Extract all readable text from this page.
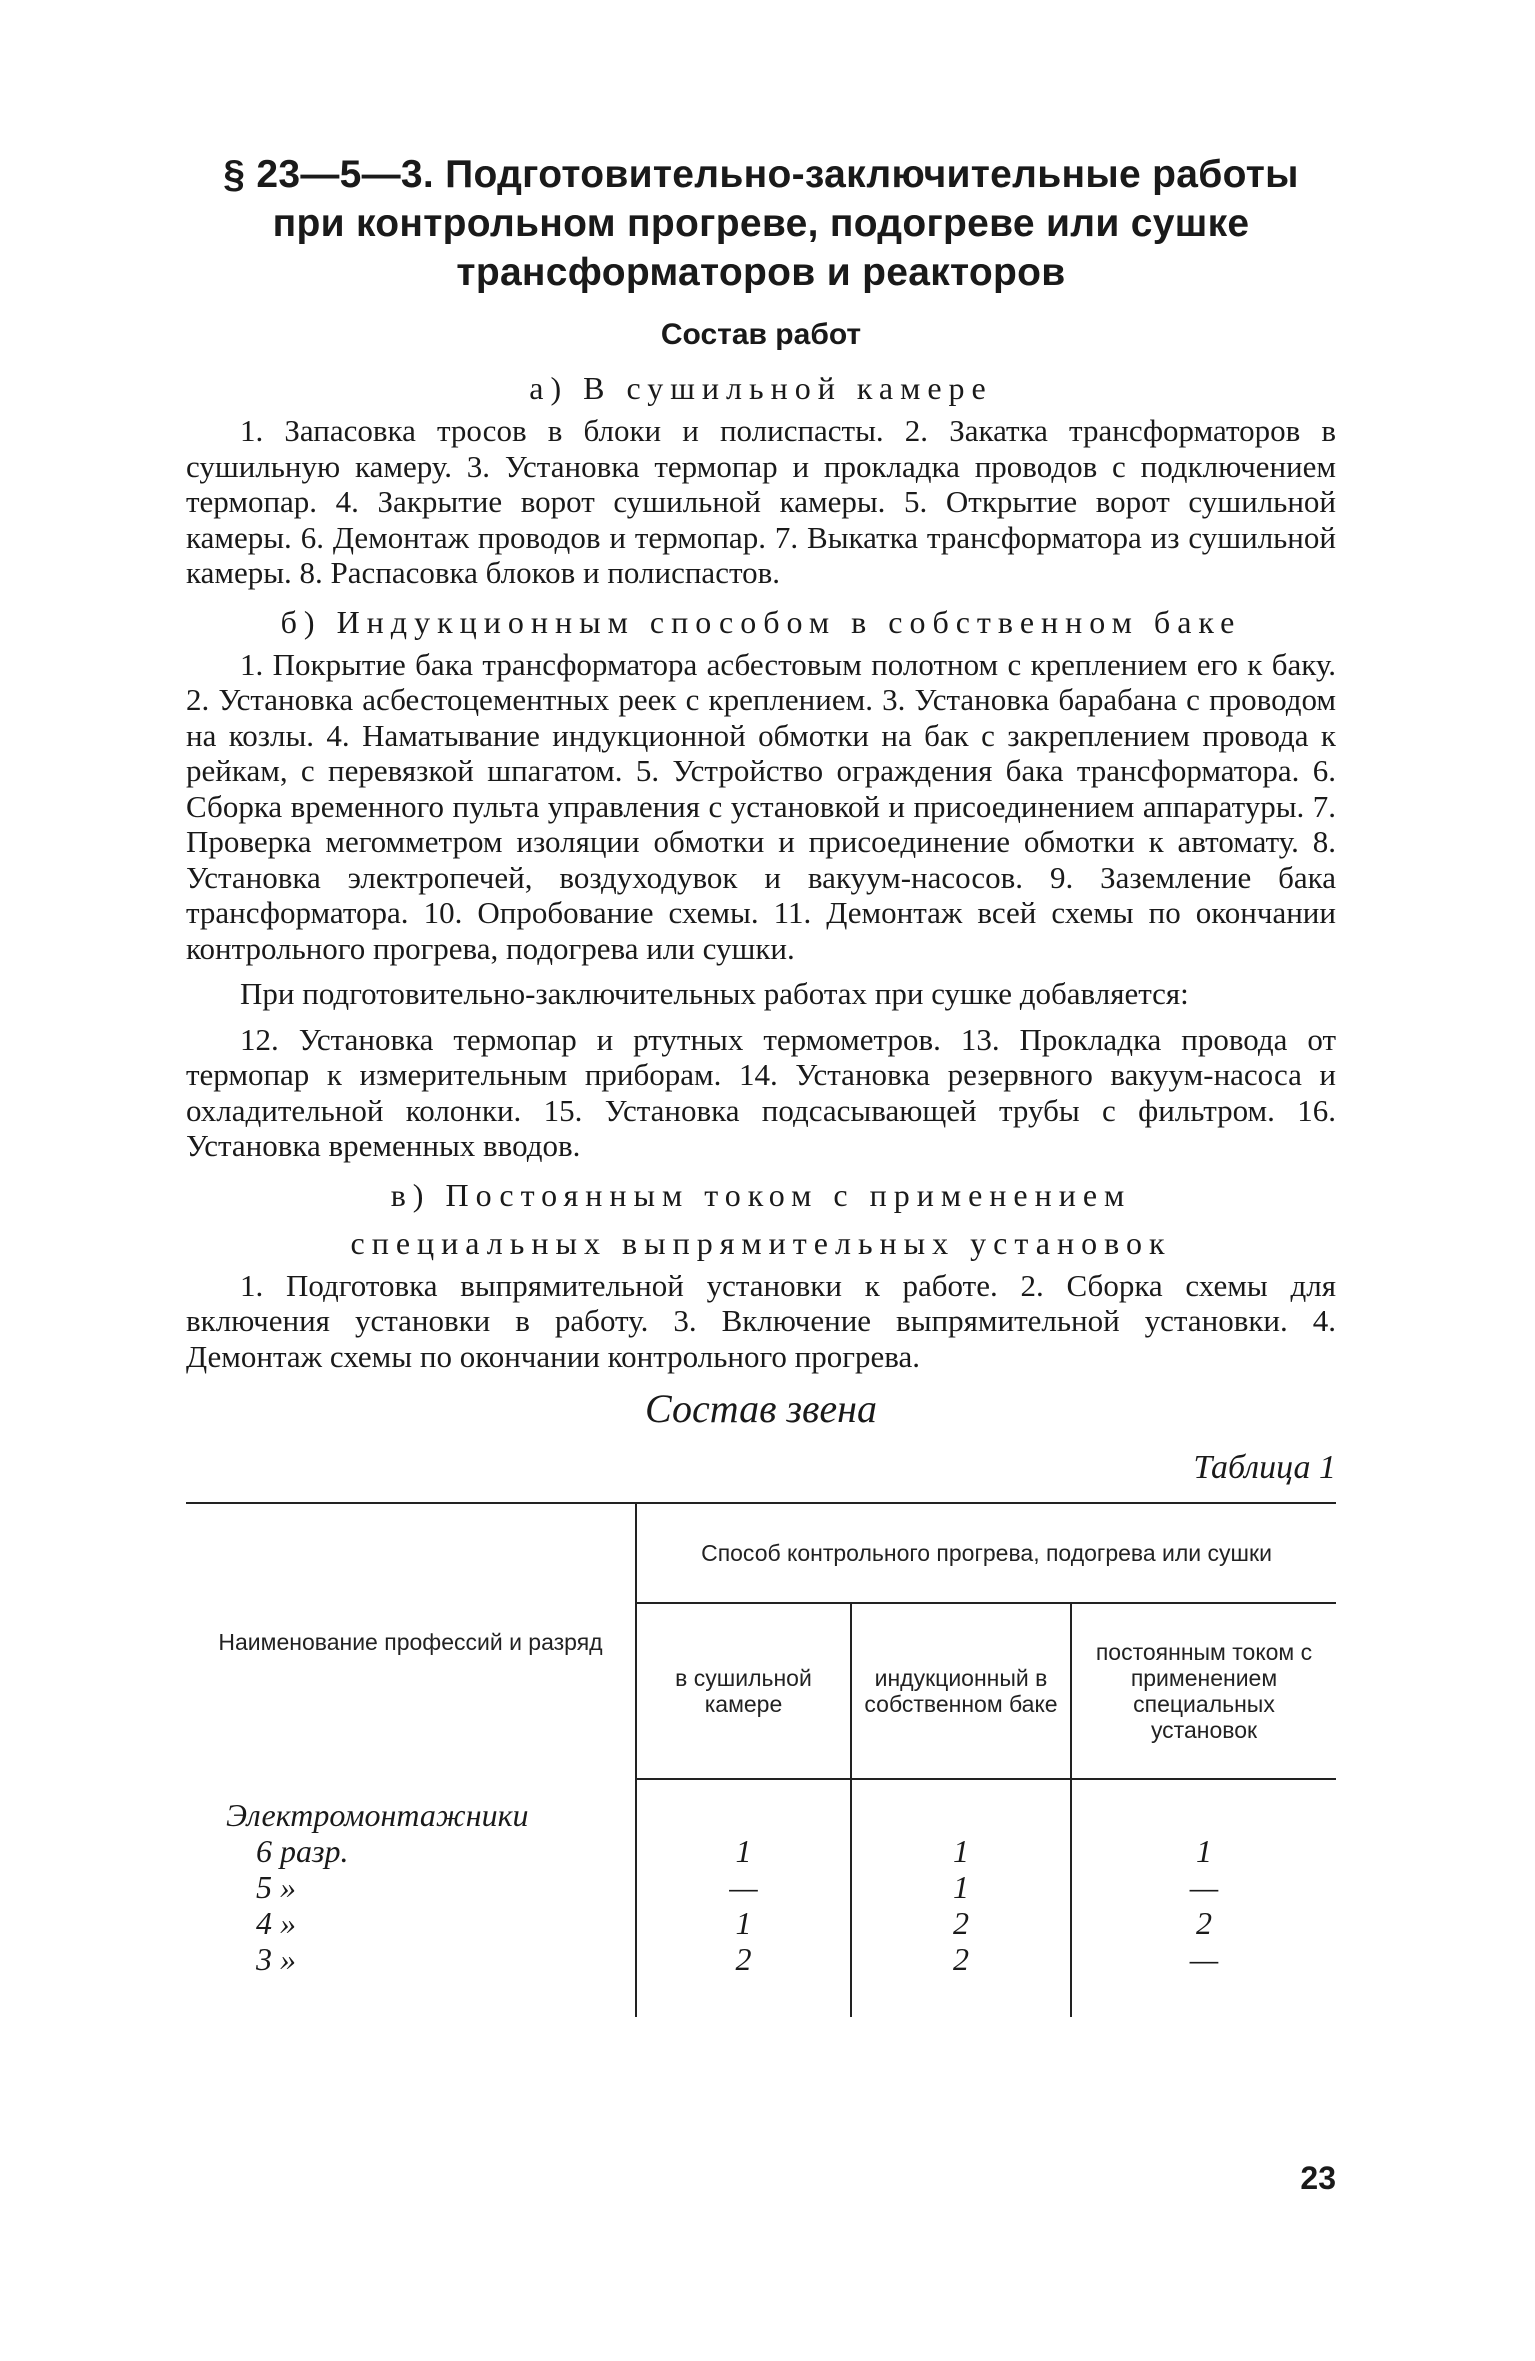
§ 23—5—3. Подготовительно-заключительные работы
при контрольном прогреве, подогреве или сушке
трансформаторов и реакторов
Состав работ
а) В сушильной камере

1. Запасовка тросов в блоки и полиспасты. 2. Закатка трансформаторов в сушильную камеру. 3. Установка термопар и прокладка проводов с подключением термопар. 4. Закрытие ворот сушильной камеры. 5. Открытие ворот сушильной камеры. 6. Демонтаж проводов и термопар. 7. Выкатка трансформатора из сушильной камеры. 8. Распасовка блоков и полиспастов.

б) Индукционным способом в собственном баке

1. Покрытие бака трансформатора асбестовым полотном с креплением его к баку. 2. Установка асбестоцементных реек с креплением. 3. Установка барабана с проводом на козлы. 4. Наматывание индукционной обмотки на бак с закреплением провода к рейкам, с перевязкой шпагатом. 5. Устройство ограждения бака трансформатора. 6. Сборка временного пульта управления с установкой и присоединением аппаратуры. 7. Проверка мегомметром изоляции обмотки и присоединение обмотки к автомату. 8. Установка электропечей, воздуходувок и вакуум-насосов. 9. Заземление бака трансформатора. 10. Опробование схемы. 11. Демонтаж всей схемы по окончании контрольного прогрева, подогрева или сушки.

При подготовительно-заключительных работах при сушке добавляется:

12. Установка термопар и ртутных термометров. 13. Прокладка провода от термопар к измерительным приборам. 14. Установка резервного вакуум-насоса и охладительной колонки. 15. Установка подсасывающей трубы с фильтром. 16. Установка временных вводов.

в) Постоянным током с применением
специальных выпрямительных установок

1. Подготовка выпрямительной установки к работе. 2. Сборка схемы для включения установки в работу. 3. Включение выпрямительной установки. 4. Демонтаж схемы по окончании контрольного прогрева.

Состав звена
Таблица 1
Наименование профессий и разряд	Способ контрольного прогрева, подогрева или сушки		
	в сушильной камере	индукционный в собственном баке	постоянным током с применением специальных установок
Электромонтажники			
6 разр.	1	1	1
5 »	—	1	—
4 »	1	2	2
3 »	2	2	—
23
